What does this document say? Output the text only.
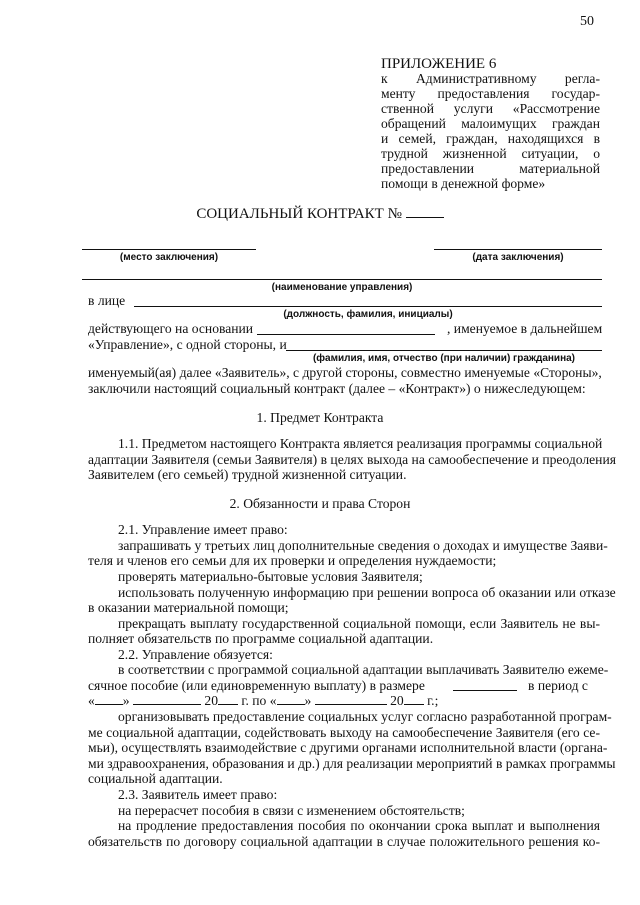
50
ПРИЛОЖЕНИЕ 6
к Административному регла-
менту предоставления государ-
ственной услуги «Рассмотрение
обращений малоимущих граждан
и семей, граждан, находящихся в
трудной жизненной ситуации, о
предоставлении материальной
помощи в денежной форме»
СОЦИАЛЬНЫЙ КОНТРАКТ №
(место заключения)	(дата заключения)
(наименование управления)
в лице
(должность, фамилия, инициалы)
действующего на основании	, именуемое в дальнейшем
«Управление», с одной стороны, и
(фамилия, имя, отчество (при наличии) гражданина)
именуемый(ая) далее «Заявитель», с другой стороны, совместно именуемые «Стороны»,
заключили настоящий социальный контракт (далее – «Контракт») о нижеследующем:
1. Предмет Контракта
1.1. Предметом настоящего Контракта является реализация программы социальной
адаптации Заявителя (семьи Заявителя) в целях выхода на самообеспечение и преодоления
Заявителем (его семьей) трудной жизненной ситуации.
2. Обязанности и права Сторон
2.1. Управление имеет право:
запрашивать у третьих лиц дополнительные сведения о доходах и имуществе Заяви-
теля и членов его семьи для их проверки и определения нуждаемости;
проверять материально-бытовые условия Заявителя;
использовать полученную информацию при решении вопроса об оказании или отказе
в оказании материальной помощи;
прекращать выплату государственной социальной помощи, если Заявитель не вы-
полняет обязательств по программе социальной адаптации.
2.2. Управление обязуется:
в соответствии с программой социальной адаптации выплачивать Заявителю ежеме-
сячное пособие (или единовременную выплату) в размере	в период с
« »	20 г. по « »	20 г.;
организовывать предоставление социальных услуг согласно разработанной програм-
ме социальной адаптации, содействовать выходу на самообеспечение Заявителя (его се-
мьи), осуществлять взаимодействие с другими органами исполнительной власти (органа-
ми здравоохранения, образования и др.) для реализации мероприятий в рамках программы
социальной адаптации.
2.3. Заявитель имеет право:
на перерасчет пособия в связи с изменением обстоятельств;
на продление предоставления пособия по окончании срока выплат и выполнения
обязательств по договору социальной адаптации в случае положительного решения ко-
